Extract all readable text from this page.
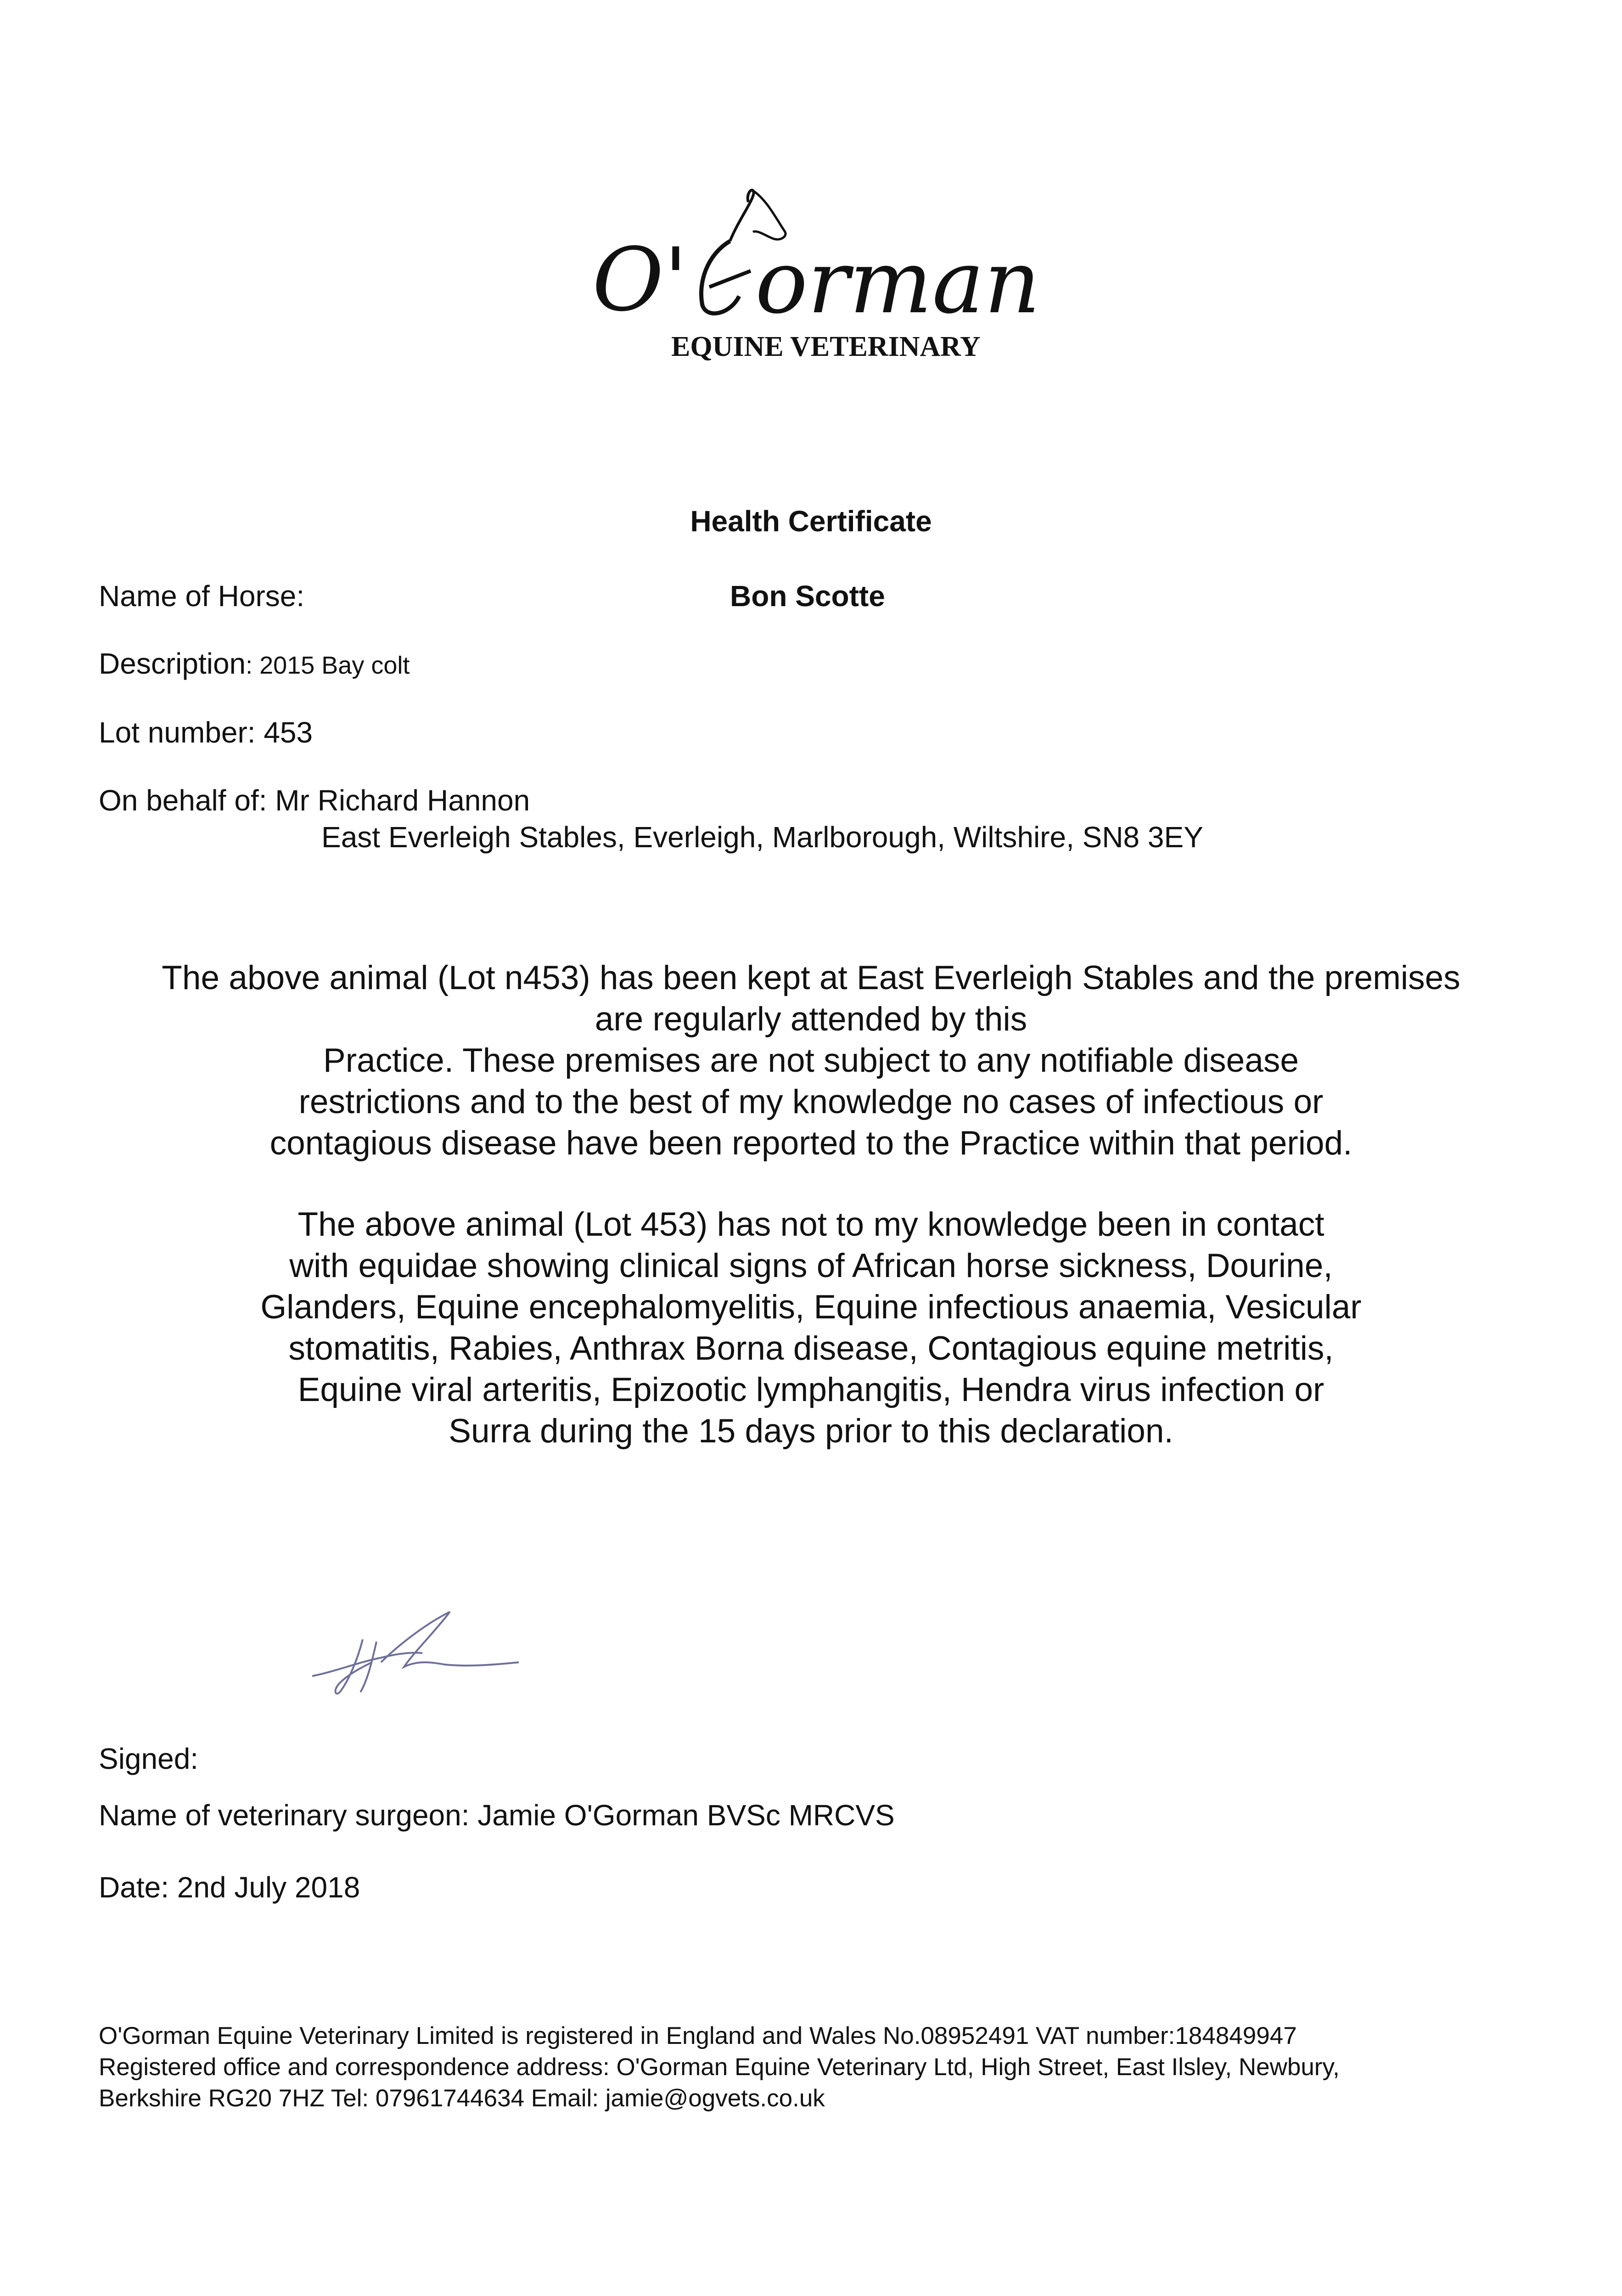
O' orman
EQUINE VETERINARY
Health Certificate
Name of Horse:	Bon Scotte
Description: 2015 Bay colt
Lot number: 453
On behalf of: Mr Richard Hannon
East Everleigh Stables, Everleigh, Marlborough, Wiltshire, SN8 3EY
The above animal (Lot n453) has been kept at East Everleigh Stables and the premises
are regularly attended by this
Practice. These premises are not subject to any notifiable disease
restrictions and to the best of my knowledge no cases of infectious or
contagious disease have been reported to the Practice within that period.
The above animal (Lot 453) has not to my knowledge been in contact
with equidae showing clinical signs of African horse sickness, Dourine,
Glanders, Equine encephalomyelitis, Equine infectious anaemia, Vesicular
stomatitis, Rabies, Anthrax Borna disease, Contagious equine metritis,
Equine viral arteritis, Epizootic lymphangitis, Hendra virus infection or
Surra during the 15 days prior to this declaration.
Signed:
Name of veterinary surgeon: Jamie O'Gorman BVSc MRCVS
Date: 2nd July 2018
O'Gorman Equine Veterinary Limited is registered in England and Wales No.08952491 VAT number:184849947
Registered office and correspondence address: O'Gorman Equine Veterinary Ltd, High Street, East Ilsley, Newbury,
Berkshire RG20 7HZ Tel: 07961744634 Email: jamie@ogvets.co.uk
